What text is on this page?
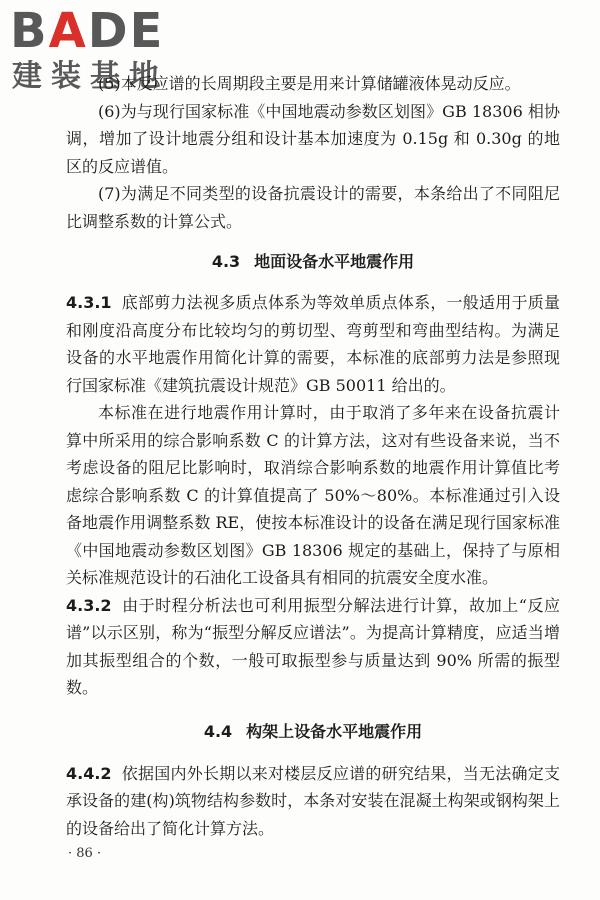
BADE
建装基地

(5)本反应谱的长周期段主要是用来计算储罐液体晃动反应。

(6)为与现行国家标准《中国地震动参数区划图》GB 18306 相协调，增加了设计地震分组和设计基本加速度为 0.15g 和 0.30g 的地区的反应谱值。

(7)为满足不同类型的设备抗震设计的需要，本条给出了不同阻尼比调整系数的计算公式。

4.3 地面设备水平地震作用

4.3.1 底部剪力法视多质点体系为等效单质点体系，一般适用于质量和刚度沿高度分布比较均匀的剪切型、弯剪型和弯曲型结构。为满足设备的水平地震作用简化计算的需要，本标准的底部剪力法是参照现行国家标准《建筑抗震设计规范》GB 50011 给出的。

本标准在进行地震作用计算时，由于取消了多年来在设备抗震计算中所采用的综合影响系数 C 的计算方法，这对有些设备来说，当不考虑设备的阻尼比影响时，取消综合影响系数的地震作用计算值比考虑综合影响系数 C 的计算值提高了 50%～80%。本标准通过引入设备地震作用调整系数 RE，使按本标准设计的设备在满足现行国家标准《中国地震动参数区划图》GB 18306 规定的基础上，保持了与原相关标准规范设计的石油化工设备具有相同的抗震安全度水准。

4.3.2 由于时程分析法也可利用振型分解法进行计算，故加上“反应谱”以示区别，称为“振型分解反应谱法”。为提高计算精度，应适当增加其振型组合的个数，一般可取振型参与质量达到 90% 所需的振型数。

4.4 构架上设备水平地震作用

4.4.2 依据国内外长期以来对楼层反应谱的研究结果，当无法确定支承设备的建(构)筑物结构参数时，本条对安装在混凝土构架或钢构架上的设备给出了简化计算方法。

· 86 ·
